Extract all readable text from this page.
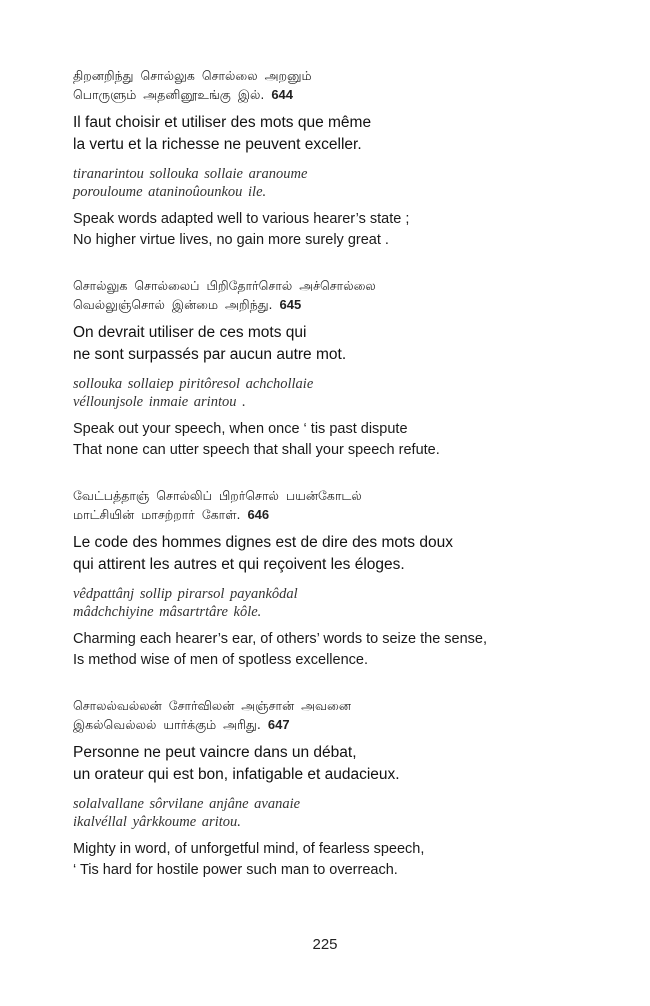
திறனறிந்து சொல்லுக சொல்லை அறனும்
பொருளும் அதனினூஉங்கு இல். 644
Il faut choisir et utiliser des mots que même
la vertu et la richesse ne peuvent exceller.
tiranarintou sollouka sollaie aranoume
poroulоume ataninoûounkou ile.
Speak words adapted well to various hearer’s state ;
No higher virtue lives, no gain more surely great .
சொல்லுக சொல்லைப் பிறிதோர்சொல் அச்சொல்லை
வெல்லுஞ்சொல் இன்மை அறிந்து. 645
On devrait utiliser de ces mots qui
ne sont surpassés par aucun autre mot.
sollouka sollaiep piritôresol achchollaie
véllounjsole inmaie arintou .
Speak out your speech, when once ‘ tis past dispute
That none can utter speech that shall your speech refute.
வேட்பத்தாஞ் சொல்லிப் பிறர்சொல் பயன்கோடல்
மாட்சியின் மாசற்றார் கோள். 646
Le code des hommes dignes est de dire des mots doux
qui attirent les autres et qui reçoivent les éloges.
vêdpattânj sollip pirarsol payankôdal
mâdchchiyine mâsartrtâre kôle.
Charming each hearer’s ear, of others’ words to seize the sense,
Is method wise of men of spotless excellence.
சொலல்வல்லன் சோர்விலன் அஞ்சான் அவனை
இகல்வெல்லல் யார்க்கும் அரிது. 647
Personne ne peut vaincre dans un débat,
un orateur qui est bon, infatigable et audacieux.
solalvallane sôrvilane anjâne avanaie
ikalvéllal yârkkoume aritou.
Mighty in word, of unforgetful mind, of fearless speech,
‘ Tis hard for hostile power such man to overreach.
225
